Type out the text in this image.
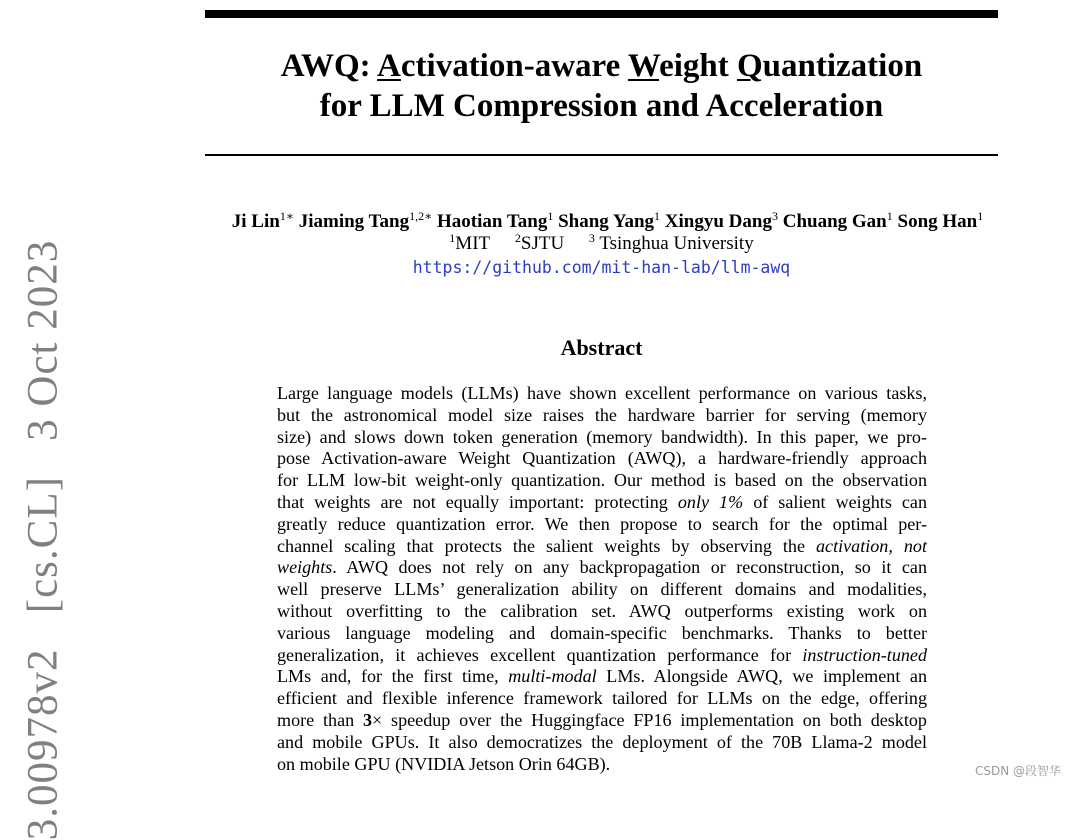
AWQ: Activation-aware Weight Quantization
for LLM Compression and Acceleration
Ji Lin$^{1∗}$ Jiaming Tang$^{1,2∗}$ Haotian Tang$^1$ Shang Yang$^1$ Xingyu Dang$^3$ Chuang Gan$^1$ Song Han$^1$
$^1$MIT $^2$SJTU $^3$ Tsinghua University
https://github.com/mit-han-lab/llm-awq
Abstract
Large language models (LLMs) have shown excellent performance on various tasks,
but the astronomical model size raises the hardware barrier for serving (memory
size) and slows down token generation (memory bandwidth). In this paper, we pro-
pose Activation-aware Weight Quantization (AWQ), a hardware-friendly approach
for LLM low-bit weight-only quantization. Our method is based on the observation
that weights are not equally important: protecting only 1% of salient weights can
greatly reduce quantization error. We then propose to search for the optimal per-
channel scaling that protects the salient weights by observing the activation, not
weights. AWQ does not rely on any backpropagation or reconstruction, so it can
well preserve LLMs’ generalization ability on different domains and modalities,
without overfitting to the calibration set. AWQ outperforms existing work on
various language modeling and domain-specific benchmarks. Thanks to better
generalization, it achieves excellent quantization performance for instruction-tuned
LMs and, for the first time, multi-modal LMs. Alongside AWQ, we implement an
efficient and flexible inference framework tailored for LLMs on the edge, offering
more than 3× speedup over the Huggingface FP16 implementation on both desktop
and mobile GPUs. It also democratizes the deployment of the 70B Llama-2 model
on mobile GPU (NVIDIA Jetson Orin 64GB).
3.00978v2   [cs.CL]   3 Oct 2023
CSDN @段智华
